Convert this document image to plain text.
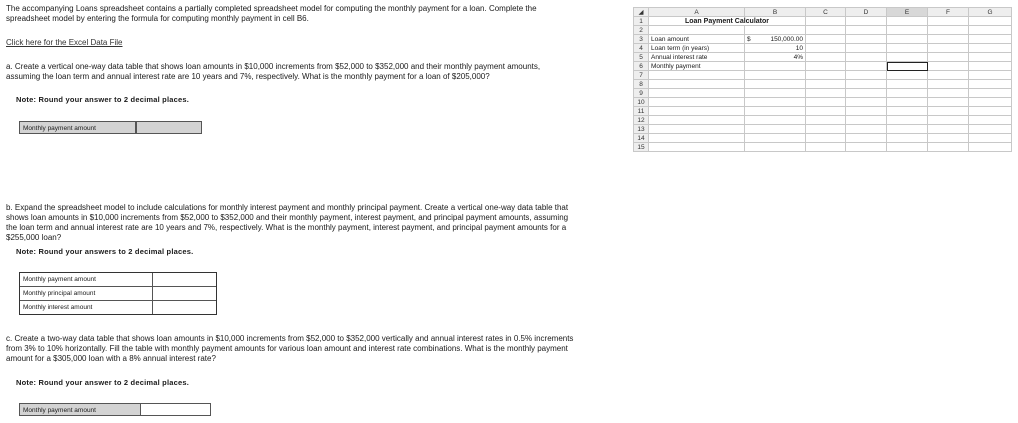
The accompanying Loans spreadsheet contains a partially completed spreadsheet model for computing the monthly payment for a loan. Complete the spreadsheet model by entering the formula for computing monthly payment in cell B6.
Click here for the Excel Data File
a. Create a vertical one-way data table that shows loan amounts in $10,000 increments from $52,000 to $352,000 and their monthly payment amounts, assuming the loan term and annual interest rate are 10 years and 7%, respectively. What is the monthly payment for a loan of $205,000?
Note: Round your answer to 2 decimal places.
Monthly payment amount
b. Expand the spreadsheet model to include calculations for monthly interest payment and monthly principal payment. Create a vertical one-way data table that shows loan amounts in $10,000 increments from $52,000 to $352,000 and their monthly payment, interest payment, and principal payment amounts, assuming the loan term and annual interest rate are 10 years and 7%, respectively. What is the monthly payment, interest payment, and principal payment amounts for a $255,000 loan?
Note: Round your answers to 2 decimal places.
Monthly payment amount
Monthly principal amount
Monthly interest amount
c. Create a two-way data table that shows loan amounts in $10,000 increments from $52,000 to $352,000 vertically and annual interest rates in 0.5% increments from 3% to 10% horizontally. Fill the table with monthly payment amounts for various loan amount and interest rate combinations. What is the monthly payment amount for a $305,000 loan with a 8% annual interest rate?
Note: Round your answer to 2 decimal places.
Monthly payment amount
◢	A	B	C	D	E	F	G
1	Loan Payment Calculator						
2							
3	Loan amount	$ 150,000.00					

4	Loan term (in years)	10					
5	Annual interest rate	4%					
6	Monthly payment						
7							
8							
9							
10							
11							
12							
13							
14							
15							
